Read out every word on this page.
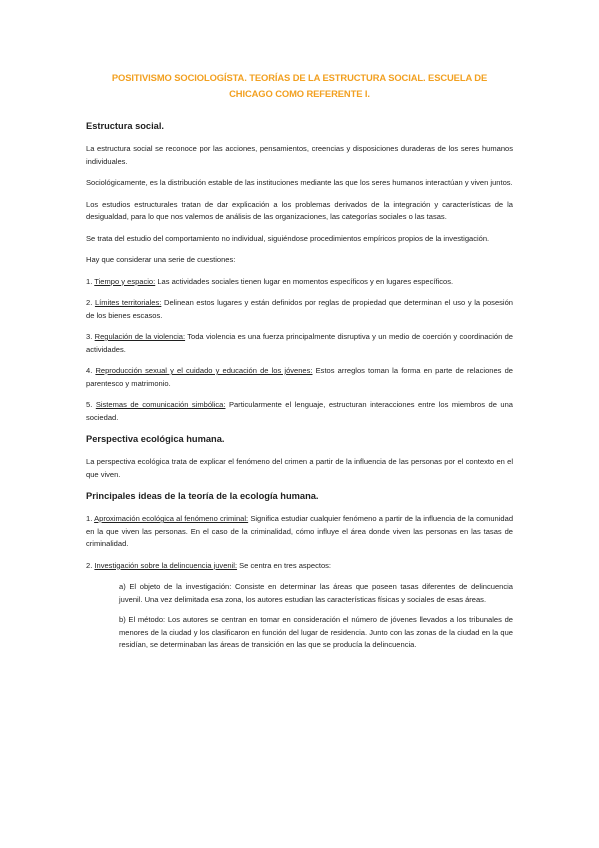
POSITIVISMO SOCIOLOGÍSTA. TEORÍAS DE LA ESTRUCTURA SOCIAL. ESCUELA DE
CHICAGO COMO REFERENTE I.
Estructura social.

La estructura social se reconoce por las acciones, pensamientos, creencias y disposiciones duraderas de los seres humanos individuales.

Sociológicamente, es la distribución estable de las instituciones mediante las que los seres humanos interactúan y viven juntos.

Los estudios estructurales tratan de dar explicación a los problemas derivados de la integración y características de la desigualdad, para lo que nos valemos de análisis de las organizaciones, las categorías sociales o las tasas.

Se trata del estudio del comportamiento no individual, siguiéndose procedimientos empíricos propios de la investigación.

Hay que considerar una serie de cuestiones:

1. Tiempo y espacio: Las actividades sociales tienen lugar en momentos específicos y en lugares específicos.
2. Límites territoriales: Delinean estos lugares y están definidos por reglas de propiedad que determinan el uso y la posesión de los bienes escasos.
3. Regulación de la violencia: Toda violencia es una fuerza principalmente disruptiva y un medio de coerción y coordinación de actividades.
4. Reproducción sexual y el cuidado y educación de los jóvenes: Estos arreglos toman la forma en parte de relaciones de parentesco y matrimonio.
5. Sistemas de comunicación simbólica: Particularmente el lenguaje, estructuran interacciones entre los miembros de una sociedad.
Perspectiva ecológica humana.

La perspectiva ecológica trata de explicar el fenómeno del crimen a partir de la influencia de las personas por el contexto en el que viven.

Principales ideas de la teoría de la ecología humana.
1. Aproximación ecológica al fenómeno criminal: Significa estudiar cualquier fenómeno a partir de la influencia de la comunidad en la que viven las personas. En el caso de la criminalidad, cómo influye el área donde viven las personas en las tasas de criminalidad.
2. Investigación sobre la delincuencia juvenil: Se centra en tres aspectos:
a) El objeto de la investigación: Consiste en determinar las áreas que poseen tasas diferentes de delincuencia juvenil. Una vez delimitada esa zona, los autores estudian las características físicas y sociales de esas áreas.
b) El método: Los autores se centran en tomar en consideración el número de jóvenes llevados a los tribunales de menores de la ciudad y los clasificaron en función del lugar de residencia. Junto con las zonas de la ciudad en la que residían, se determinaban las áreas de transición en las que se producía la delincuencia.
